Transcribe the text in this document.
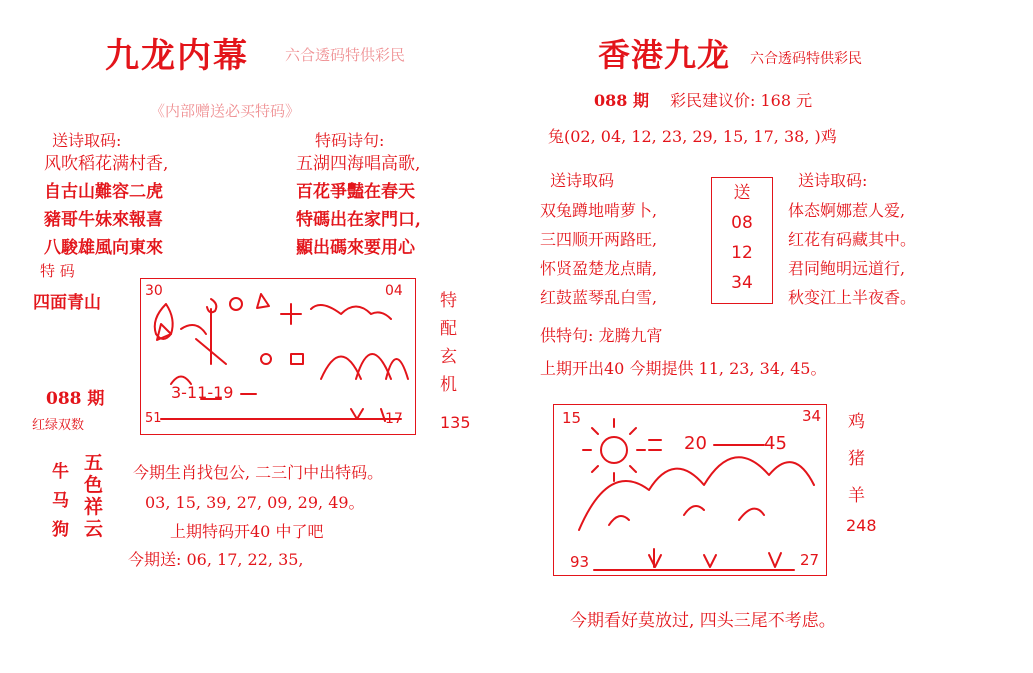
九龙内幕 六合透码特供彩民
《内部赠送必买特码》
送诗取码:
风吹稻花满村香,
自古山難容二虎
豬哥牛妹來報喜
八駿雄風向東來
特码诗句:
五湖四海唱高歌,
百花爭豔在春天
特碼出在家門口,
顯出碼來要用心
特 码
四面青山
088 期
红绿双数
30	04
3-11-19
51	17
特
配
玄
机
135
牛
马
狗
五
色
祥
云
今期生肖找包公, 二三门中出特码。
03, 15, 39, 27, 09, 29, 49。
上期特码开40 中了吧
今期送: 06, 17, 22, 35,
香港九龙 六合透码特供彩民
088 期 彩民建议价: 168 元
兔(02, 04, 12, 23, 29, 15, 17, 38, )鸡
送诗取码
双兔蹲地啃萝卜,
三四顺开两路旺,
怀贤盈楚龙点睛,
红鼓蓝琴乱白雪,
送
08
12
34
送诗取码:
体态婀娜惹人爱,
红花有码藏其中。
君同鲍明远道行,
秋变江上半夜香。
供特句: 龙腾九宵
上期开出40 今期提供 11, 23, 34, 45。
15	34
20	45
93	27
鸡
猪
羊
248
今期看好莫放过, 四头三尾不考虑。
